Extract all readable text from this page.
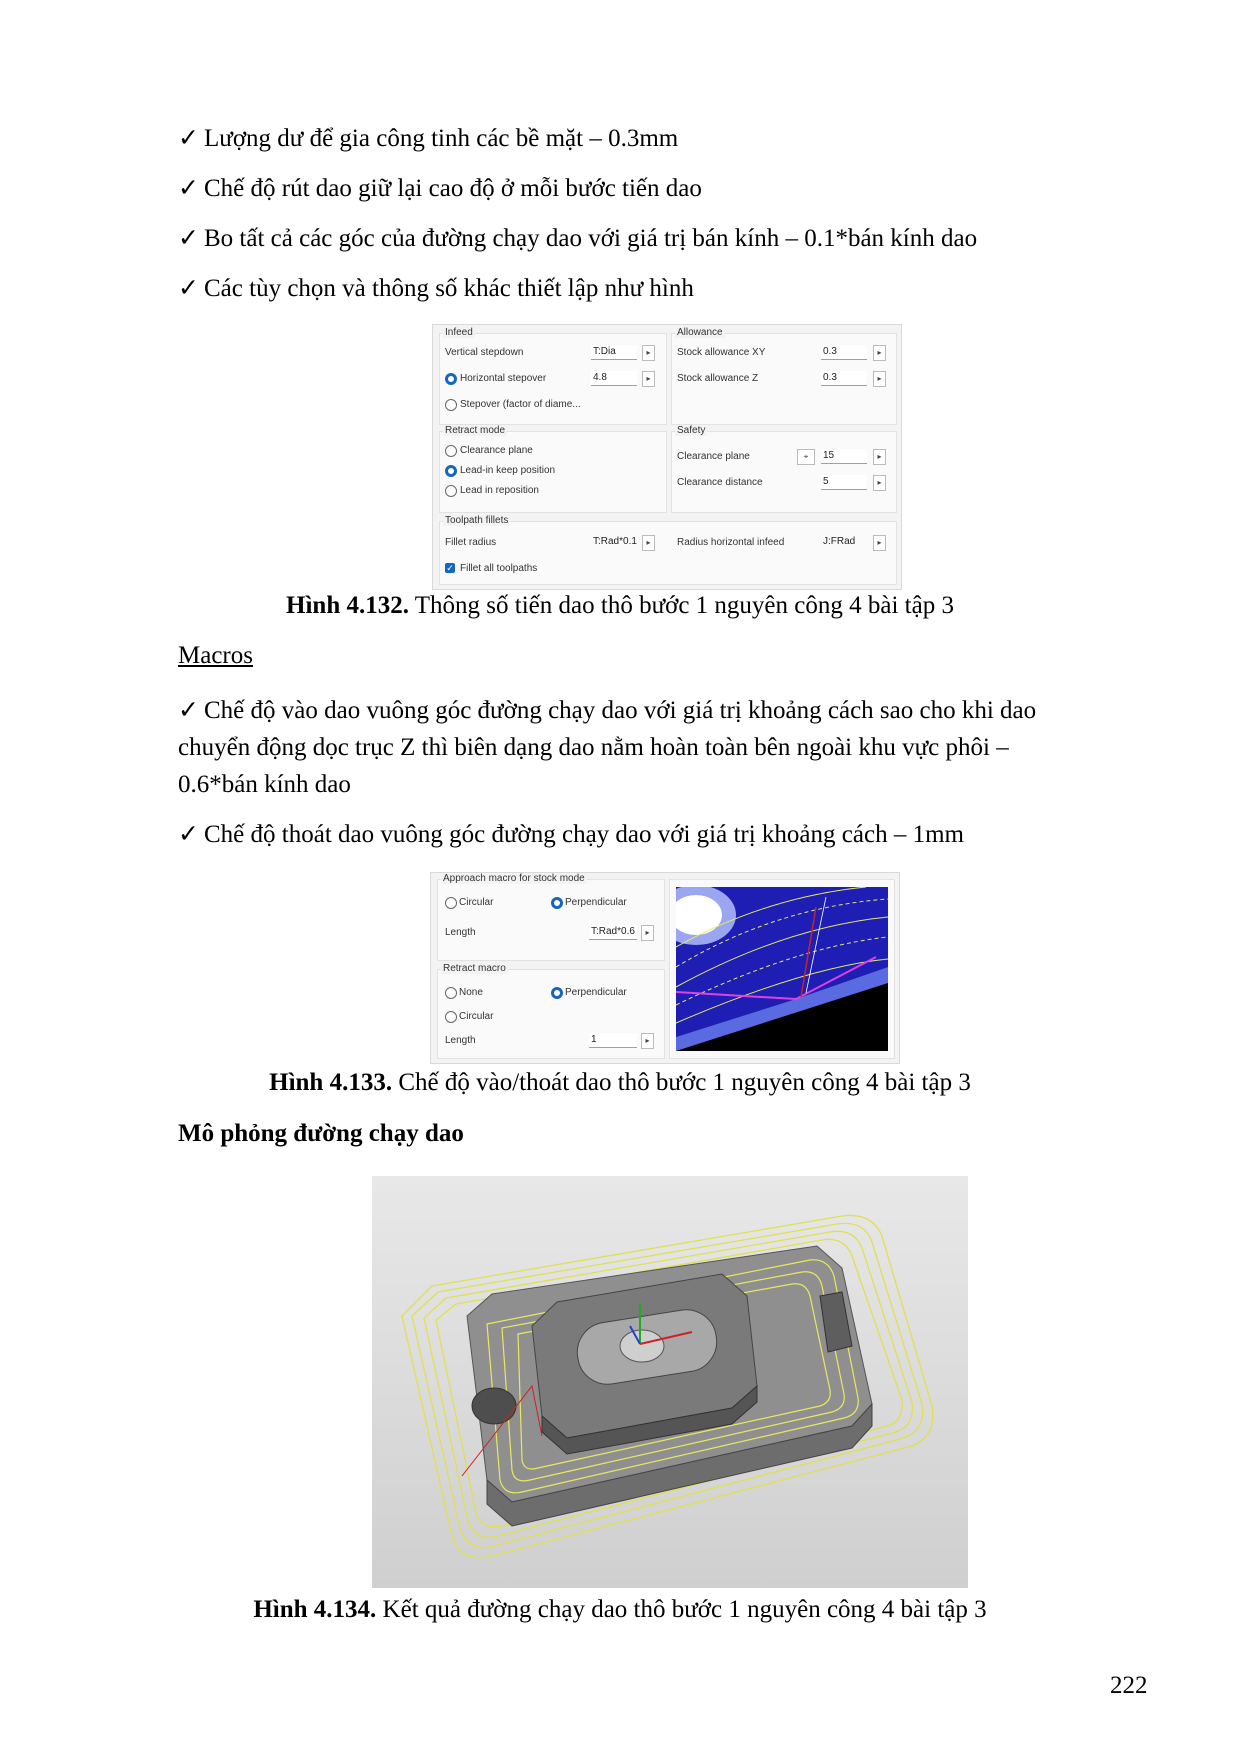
✓ Lượng dư để gia công tinh các bề mặt – 0.3mm
✓ Chế độ rút dao giữ lại cao độ ở mỗi bước tiến dao
✓ Bo tất cả các góc của đường chạy dao với giá trị bán kính – 0.1*bán kính dao
✓ Các tùy chọn và thông số khác thiết lập như hình
Infeed
Vertical stepdown	T:Dia	▸
Horizontal stepover	4.8	▸
Stepover (factor of diame...
Allowance
Stock allowance XY	0.3	▸
Stock allowance Z	0.3	▸
Retract mode
Clearance plane
Lead-in keep position
Lead in reposition
Safety
Clearance plane	⌖	15	▸
Clearance distance	5	▸
Toolpath fillets
Fillet radius	T:Rad*0.1	▸	Radius horizontal infeed	J:FRad	▸
✓ Fillet all toolpaths
Hình 4.132. Thông số tiến dao thô bước 1 nguyên công 4 bài tập 3
Macros
✓ Chế độ vào dao vuông góc đường chạy dao với giá trị khoảng cách sao cho khi dao
chuyển động dọc trục Z thì biên dạng dao nằm hoàn toàn bên ngoài khu vực phôi –
0.6*bán kính dao
✓ Chế độ thoát dao vuông góc đường chạy dao với giá trị khoảng cách – 1mm
Approach macro for stock mode
Circular	Perpendicular
Length	T:Rad*0.6	▸
Retract macro
None	Perpendicular
Circular
Length	1	▸
Hình 4.133. Chế độ vào/thoát dao thô bước 1 nguyên công 4 bài tập 3
Mô phỏng đường chạy dao
Hình 4.134. Kết quả đường chạy dao thô bước 1 nguyên công 4 bài tập 3
222
